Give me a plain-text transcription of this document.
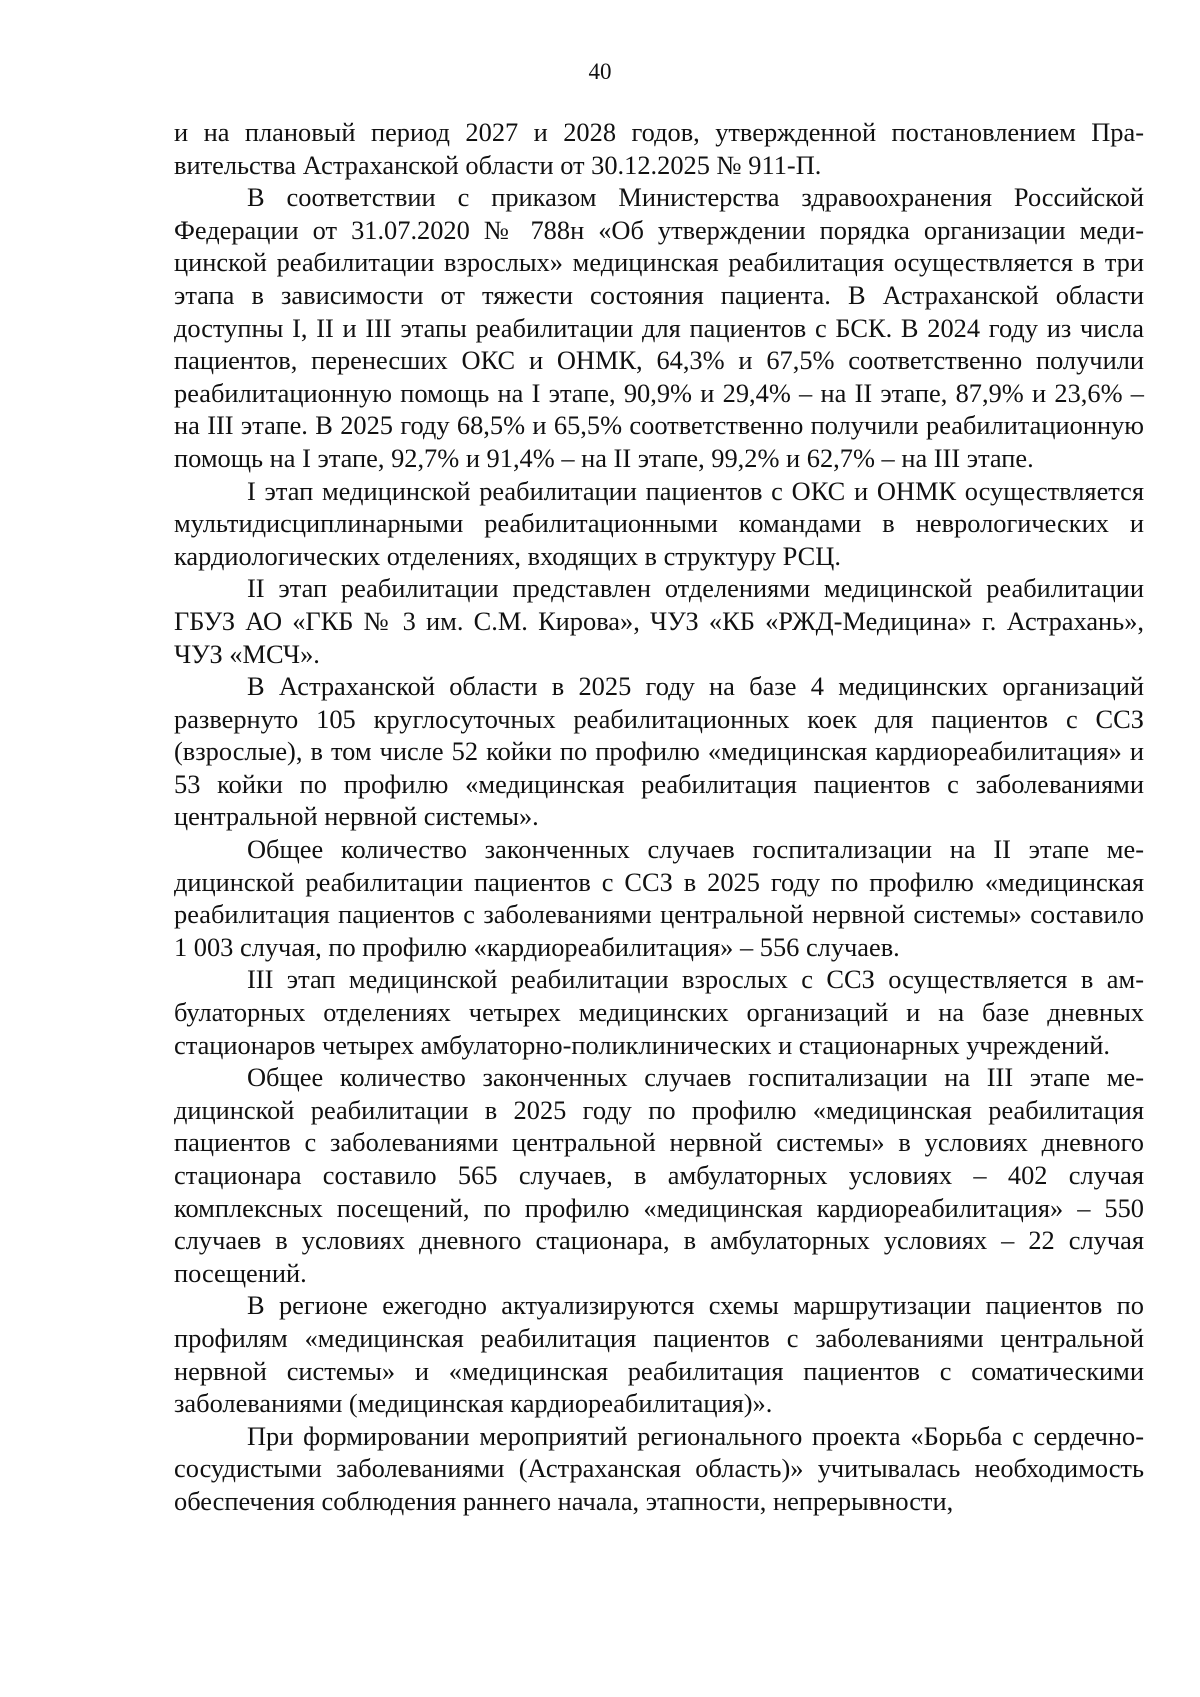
40

и на плановый период 2027 и 2028 годов, утвержденной постановлением Правительства Астраханской области от 30.12.2025 № 911-П.

В соответствии с приказом Министерства здравоохранения Российской Федерации от 31.07.2020 № 788н «Об утверждении порядка организации медицинской реабилитации взрослых» медицинская реабилитация осуществляется в три этапа в зависимости от тяжести состояния пациента. В Астраханской области доступны I, II и III этапы реабилитации для пациентов с БСК. В 2024 году из числа пациентов, перенесших ОКС и ОНМК, 64,3% и 67,5% соответственно получили реабилитационную помощь на I этапе, 90,9% и 29,4% – на II этапе, 87,9% и 23,6% – на III этапе. В 2025 году 68,5% и 65,5% соответственно получили реабилитационную помощь на I этапе, 92,7% и 91,4% – на II этапе, 99,2% и 62,7% – на III этапе.

I этап медицинской реабилитации пациентов с ОКС и ОНМК осуществляется мультидисциплинарными реабилитационными командами в неврологических и кардиологических отделениях, входящих в структуру РСЦ.

II этап реабилитации представлен отделениями медицинской реабилитации ГБУЗ АО «ГКБ № 3 им. С.М. Кирова», ЧУЗ «КБ «РЖД-Медицина» г. Астрахань», ЧУЗ «МСЧ».

В Астраханской области в 2025 году на базе 4 медицинских организаций развернуто 105 круглосуточных реабилитационных коек для пациентов с ССЗ (взрослые), в том числе 52 койки по профилю «медицинская кардиореабилитация» и 53 койки по профилю «медицинская реабилитация пациентов с заболеваниями центральной нервной системы».

Общее количество законченных случаев госпитализации на II этапе медицинской реабилитации пациентов с ССЗ в 2025 году по профилю «медицинская реабилитация пациентов с заболеваниями центральной нервной системы» составило 1 003 случая, по профилю «кардиореабилитация» – 556 случаев.

III этап медицинской реабилитации взрослых с ССЗ осуществляется в амбулаторных отделениях четырех медицинских организаций и на базе дневных стационаров четырех амбулаторно-поликлинических и стационарных учреждений.

Общее количество законченных случаев госпитализации на III этапе медицинской реабилитации в 2025 году по профилю «медицинская реабилитация пациентов с заболеваниями центральной нервной системы» в условиях дневного стационара составило 565 случаев, в амбулаторных условиях – 402 случая комплексных посещений, по профилю «медицинская кардиореабилитация» – 550 случаев в условиях дневного стационара, в амбулаторных условиях – 22 случая посещений.

В регионе ежегодно актуализируются схемы маршрутизации пациентов по профилям «медицинская реабилитация пациентов с заболеваниями центральной нервной системы» и «медицинская реабилитация пациентов с соматическими заболеваниями (медицинская кардиореабилитация)».

При формировании мероприятий регионального проекта «Борьба с сердечно-сосудистыми заболеваниями (Астраханская область)» учитывалась необходимость обеспечения соблюдения раннего начала, этапности, непрерывности,
